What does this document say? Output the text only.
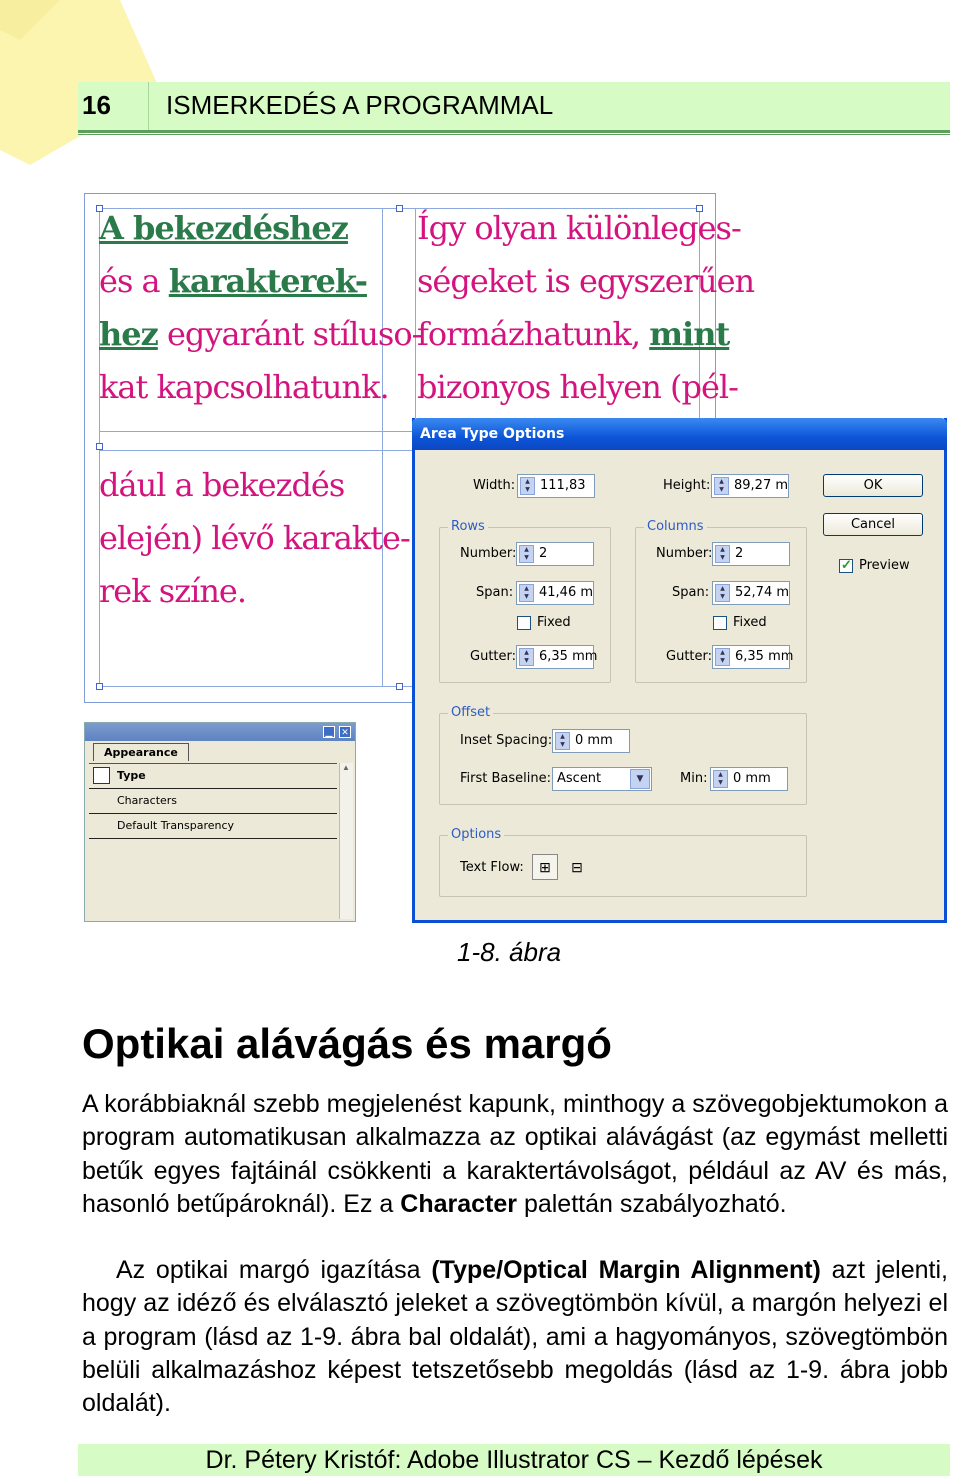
16 ISMERKEDÉS A PROGRAMMAL
A bekezdéshez
és a karakterek-
hez egyaránt stíluso-
kat kapcsolhatunk.
dául a bekezdés
elején) lévő karakte-
rek színe.
Így olyan különleges-
ségeket is egyszerűen
formázhatunk, mint
bizonyos helyen (pél-
▁ ✕
Appearance
Type
Characters
Default Transparency
▲
Area Type Options
Width:	▲
▼ 111,83	Height:	▲
▼ 89,27 m	OK
Cancel
✓
Preview
Rows
Number:	▲
▼ 2
Span:	▲
▼ 41,46 m
Fixed
Gutter:	▲
▼ 6,35 mm
Columns
Number:	▲
▼ 2
Span:	▲
▼ 52,74 m
Fixed
Gutter:	▲
▼ 6,35 mm
Offset
Inset Spacing:	▲
▼ 0 mm
First Baseline: Ascent	▼	Min:	▲
▼ 0 mm
Options
Text Flow:	⊞	⊟
1-8. ábra
Optikai alávágás és margó
A korábbiaknál szebb megjelenést kapunk, minthogy a szövegobjektumokon a program automatikusan alkalmazza az optikai alávágást (az egymást melletti betűk egyes fajtáinál csökkenti a karaktertávolságot, például az AV és más, hasonló betűpároknál). Ez a Character palettán szabályozható.
Az optikai margó igazítása (Type/Optical Margin Alignment) azt jelenti, hogy az idéző és elválasztó jeleket a szövegtömbön kívül, a margón helyezi el a program (lásd az 1-9. ábra bal oldalát), ami a hagyományos, szövegtömbön belüli alkalmazáshoz képest tetszetősebb megoldás (lásd az 1-9. ábra jobb oldalát).
Dr. Pétery Kristóf: Adobe Illustrator CS – Kezdő lépések
